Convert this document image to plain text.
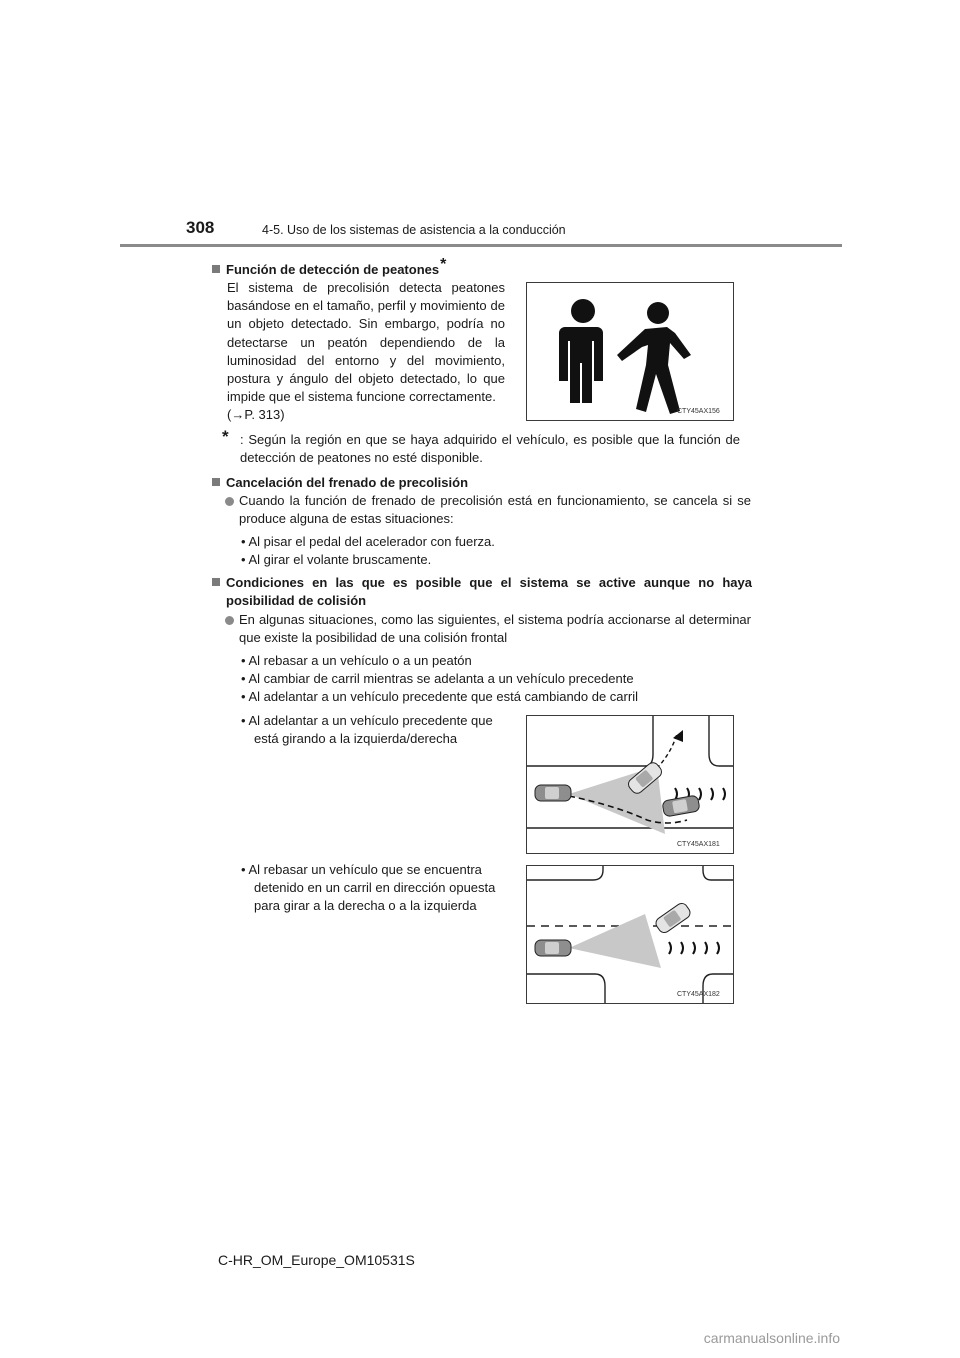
308	4-5. Uso de los sistemas de asistencia a la conducción
Función de detección de peatones*
El sistema de precolisión detecta peatones basándose en el tamaño, perfil y movimiento de un objeto detectado. Sin embargo, podría no detectarse un peatón dependiendo de la luminosidad del entorno y del movimiento, postura y ángulo del objeto detectado, lo que impide que el sistema funcione correctamente.
(→P. 313)	CTY45AX156
* : Según la región en que se haya adquirido el vehículo, es posible que la función de detección de peatones no esté disponible.
Cancelación del frenado de precolisión
Cuando la función de frenado de precolisión está en funcionamiento, se cancela si se produce alguna de estas situaciones:
• Al pisar el pedal del acelerador con fuerza.
• Al girar el volante bruscamente.
Condiciones en las que es posible que el sistema se active aunque no haya
posibilidad de colisión
En algunas situaciones, como las siguientes, el sistema podría accionarse al determinar que existe la posibilidad de una colisión frontal
• Al rebasar a un vehículo o a un peatón
• Al cambiar de carril mientras se adelanta a un vehículo precedente
• Al adelantar a un vehículo precedente que está cambiando de carril
• Al adelantar a un vehículo precedente que
está girando a la izquierda/derecha
CTY45AX181
• Al rebasar un vehículo que se encuentra
detenido en un carril en dirección opuesta
para girar a la derecha o a la izquierda
CTY45AX182
C-HR_OM_Europe_OM10531S
carmanualsonline.info
